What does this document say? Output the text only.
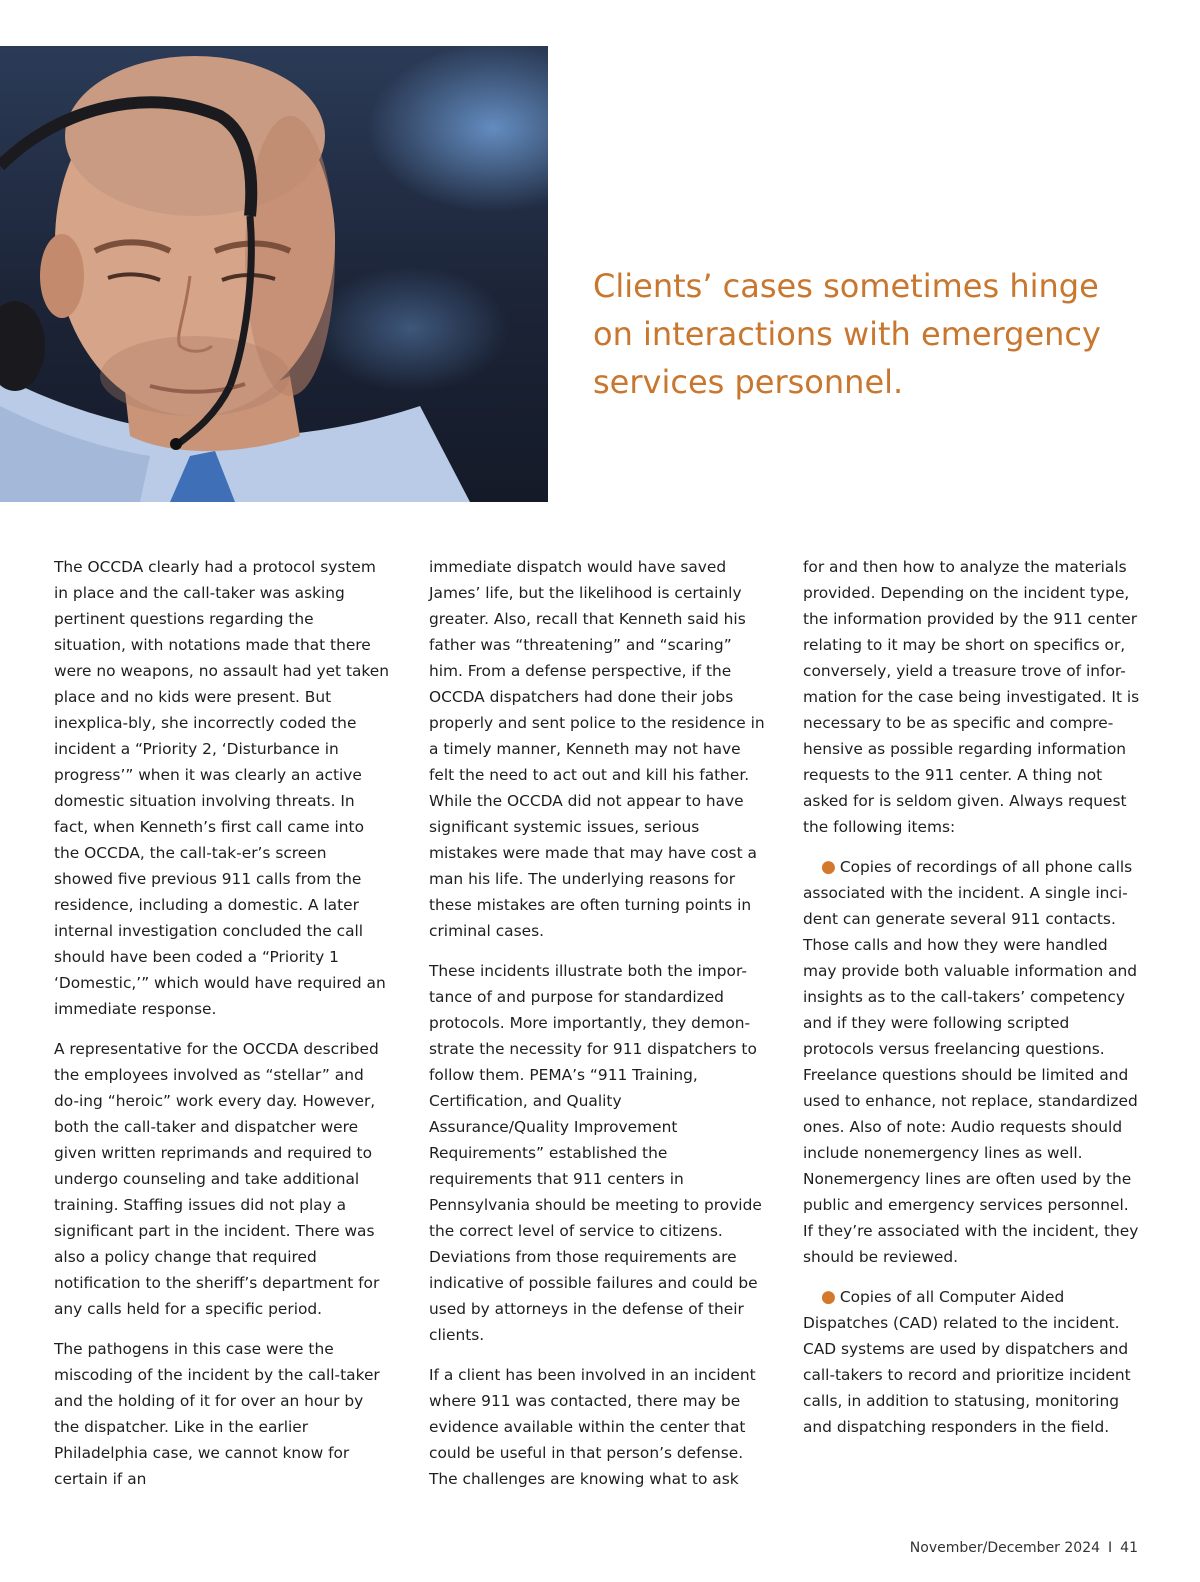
Clients’ cases sometimes hinge on interactions with emergency services personnel.

The OCCDA clearly had a protocol system in place and the call-taker was asking pertinent questions regarding the situation, with notations made that there were no weapons, no assault had yet taken place and no kids were present. But inexplica-bly, she incorrectly coded the incident a “Priority 2, ‘Disturbance in progress’” when it was clearly an active domestic situation involving threats. In fact, when Kenneth’s first call came into the OCCDA, the call-tak-er’s screen showed five previous 911 calls from the residence, including a domestic. A later internal investigation concluded the call should have been coded a “Priority 1 ‘Domestic,’” which would have required an immediate response.

A representative for the OCCDA described the employees involved as “stellar” and do-ing “heroic” work every day. However, both the call-taker and dispatcher were given written reprimands and required to undergo counseling and take additional training. Staffing issues did not play a significant part in the incident. There was also a policy change that required notification to the sheriff’s department for any calls held for a specific period.

The pathogens in this case were the miscoding of the incident by the call-taker and the holding of it for over an hour by the dispatcher. Like in the earlier Philadelphia case, we cannot know for certain if an

immediate dispatch would have saved James’ life, but the likelihood is certainly greater. Also, recall that Kenneth said his father was “threatening” and “scaring” him. From a defense perspective, if the OCCDA dispatchers had done their jobs properly and sent police to the residence in a timely manner, Kenneth may not have felt the need to act out and kill his father. While the OCCDA did not appear to have significant systemic issues, serious mistakes were made that may have cost a man his life. The underlying reasons for these mistakes are often turning points in criminal cases.

These incidents illustrate both the impor-tance of and purpose for standardized protocols. More importantly, they demon-strate the necessity for 911 dispatchers to follow them. PEMA’s “911 Training, Certification, and Quality Assurance/Quality Improvement Requirements” established the requirements that 911 centers in Pennsylvania should be meeting to provide the correct level of service to citizens. Deviations from those requirements are indicative of possible failures and could be used by attorneys in the defense of their clients.

If a client has been involved in an incident where 911 was contacted, there may be evidence available within the center that could be useful in that person’s defense. The challenges are knowing what to ask

for and then how to analyze the materials provided. Depending on the incident type, the information provided by the 911 center relating to it may be short on specifics or, conversely, yield a treasure trove of infor-mation for the case being investigated. It is necessary to be as specific and compre-hensive as possible regarding information requests to the 911 center. A thing not asked for is seldom given. Always request the following items:

● Copies of recordings of all phone calls associated with the incident. A single inci-dent can generate several 911 contacts. Those calls and how they were handled may provide both valuable information and insights as to the call-takers’ competency and if they were following scripted protocols versus freelancing questions. Freelance questions should be limited and used to enhance, not replace, standardized ones. Also of note: Audio requests should include nonemergency lines as well. Nonemergency lines are often used by the public and emergency services personnel. If they’re associated with the incident, they should be reviewed.

● Copies of all Computer Aided Dispatches (CAD) related to the incident. CAD systems are used by dispatchers and call-takers to record and prioritize incident calls, in addition to statusing, monitoring and dispatching responders in the field.

November/December 2024 I 41
